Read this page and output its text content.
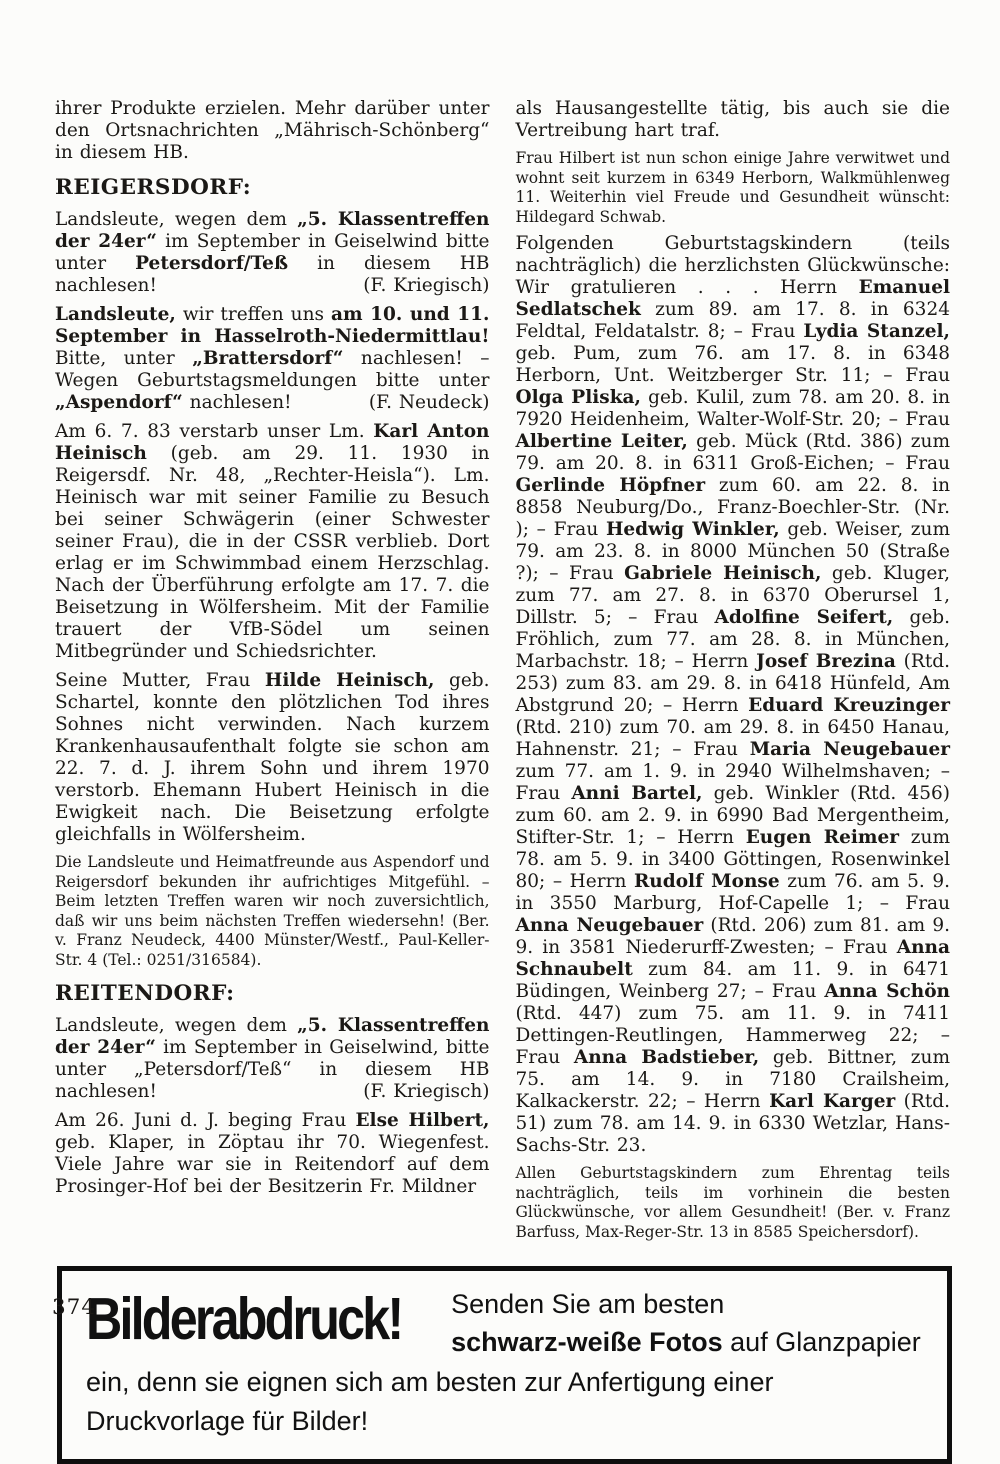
ihrer Produkte erzielen. Mehr darüber unter den Ortsnachrichten „Mährisch-Schönberg“ in diesem HB.

REIGERSDORF:

Landsleute, wegen dem „5. Klassentreffen der 24er“ im September in Geiselwind bitte unter Petersdorf/Teß in diesem HB nachlesen!	(F. Kriegisch)

Landsleute, wir treffen uns am 10. und 11. September in Hasselroth-Niedermittlau! Bitte, unter „Brattersdorf“ nachlesen! – Wegen Geburtstagsmeldungen bitte unter „Aspendorf“ nachlesen!	(F. Neudeck)

Am 6. 7. 83 verstarb unser Lm. Karl Anton Heinisch (geb. am 29. 11. 1930 in Reigersdf. Nr. 48, „Rechter-Heisla“). Lm. Heinisch war mit seiner Familie zu Besuch bei seiner Schwägerin (einer Schwester seiner Frau), die in der CSSR verblieb. Dort erlag er im Schwimmbad einem Herzschlag. Nach der Überführung erfolgte am 17. 7. die Beisetzung in Wölfersheim. Mit der Familie trauert der VfB-Södel um seinen Mitbegründer und Schiedsrichter.

Seine Mutter, Frau Hilde Heinisch, geb. Schartel, konnte den plötzlichen Tod ihres Sohnes nicht verwinden. Nach kurzem Krankenhausaufenthalt folgte sie schon am 22. 7. d. J. ihrem Sohn und ihrem 1970 verstorb. Ehemann Hubert Heinisch in die Ewigkeit nach. Die Beisetzung erfolgte gleichfalls in Wölfersheim.

Die Landsleute und Heimatfreunde aus Aspendorf und Reigersdorf bekunden ihr aufrichtiges Mitgefühl. – Beim letzten Treffen waren wir noch zuversichtlich, daß wir uns beim nächsten Treffen wiedersehn! (Ber. v. Franz Neudeck, 4400 Münster/Westf., Paul-Keller-Str. 4 (Tel.: 0251/316584).

REITENDORF:

Landsleute, wegen dem „5. Klassentreffen der 24er“ im September in Geiselwind, bitte unter „Petersdorf/Teß“ in diesem HB nachlesen!	(F. Kriegisch)

Am 26. Juni d. J. beging Frau Else Hilbert, geb. Klaper, in Zöptau ihr 70. Wiegenfest. Viele Jahre war sie in Reitendorf auf dem Prosinger-Hof bei der Besitzerin Fr. Mildner

als Hausangestellte tätig, bis auch sie die Vertreibung hart traf.

Frau Hilbert ist nun schon einige Jahre verwitwet und wohnt seit kurzem in 6349 Herborn, Walkmühlenweg 11. Weiterhin viel Freude und Gesundheit wünscht: Hildegard Schwab.

Folgenden Geburtstagskindern (teils nachträglich) die herzlichsten Glückwünsche: Wir gratulieren . . . Herrn Emanuel Sedlatschek zum 89. am 17. 8. in 6324 Feldtal, Feldatalstr. 8; – Frau Lydia Stanzel, geb. Pum, zum 76. am 17. 8. in 6348 Herborn, Unt. Weitzberger Str. 11; – Frau Olga Pliska, geb. Kulil, zum 78. am 20. 8. in 7920 Heidenheim, Walter-Wolf-Str. 20; – Frau Albertine Leiter, geb. Mück (Rtd. 386) zum 79. am 20. 8. in 6311 Groß-Eichen; – Frau Gerlinde Höpfner zum 60. am 22. 8. in 8858 Neuburg/Do., Franz-Boechler-Str. (Nr. ); – Frau Hedwig Winkler, geb. Weiser, zum 79. am 23. 8. in 8000 München 50 (Straße ?); – Frau Gabriele Heinisch, geb. Kluger, zum 77. am 27. 8. in 6370 Oberursel 1, Dillstr. 5; – Frau Adolfine Seifert, geb. Fröhlich, zum 77. am 28. 8. in München, Marbachstr. 18; – Herrn Josef Brezina (Rtd. 253) zum 83. am 29. 8. in 6418 Hünfeld, Am Abstgrund 20; – Herrn Eduard Kreuzinger (Rtd. 210) zum 70. am 29. 8. in 6450 Hanau, Hahnenstr. 21; – Frau Maria Neugebauer zum 77. am 1. 9. in 2940 Wilhelmshaven; – Frau Anni Bartel, geb. Winkler (Rtd. 456) zum 60. am 2. 9. in 6990 Bad Mergentheim, Stifter-Str. 1; – Herrn Eugen Reimer zum 78. am 5. 9. in 3400 Göttingen, Rosenwinkel 80; – Herrn Rudolf Monse zum 76. am 5. 9. in 3550 Marburg, Hof-Capelle 1; – Frau Anna Neugebauer (Rtd. 206) zum 81. am 9. 9. in 3581 Niederurff-Zwesten; – Frau Anna Schnaubelt zum 84. am 11. 9. in 6471 Büdingen, Weinberg 27; – Frau Anna Schön (Rtd. 447) zum 75. am 11. 9. in 7411 Dettingen-Reutlingen, Hammerweg 22; – Frau Anna Badstieber, geb. Bittner, zum 75. am 14. 9. in 7180 Crailsheim, Kalkackerstr. 22; – Herrn Karl Karger (Rtd. 51) zum 78. am 14. 9. in 6330 Wetzlar, Hans-Sachs-Str. 23.

Allen Geburtstagskindern zum Ehrentag teils nachträglich, teils im vorhinein die besten Glückwünsche, vor allem Gesundheit! (Ber. v. Franz Barfuss, Max-Reger-Str. 13 in 8585 Speichersdorf).

Bilderabdruck! Senden Sie am besten
schwarz-weiße Fotos auf Glanzpapier
ein, denn sie eignen sich am besten zur Anfertigung einer Druckvorlage für Bilder!
374
